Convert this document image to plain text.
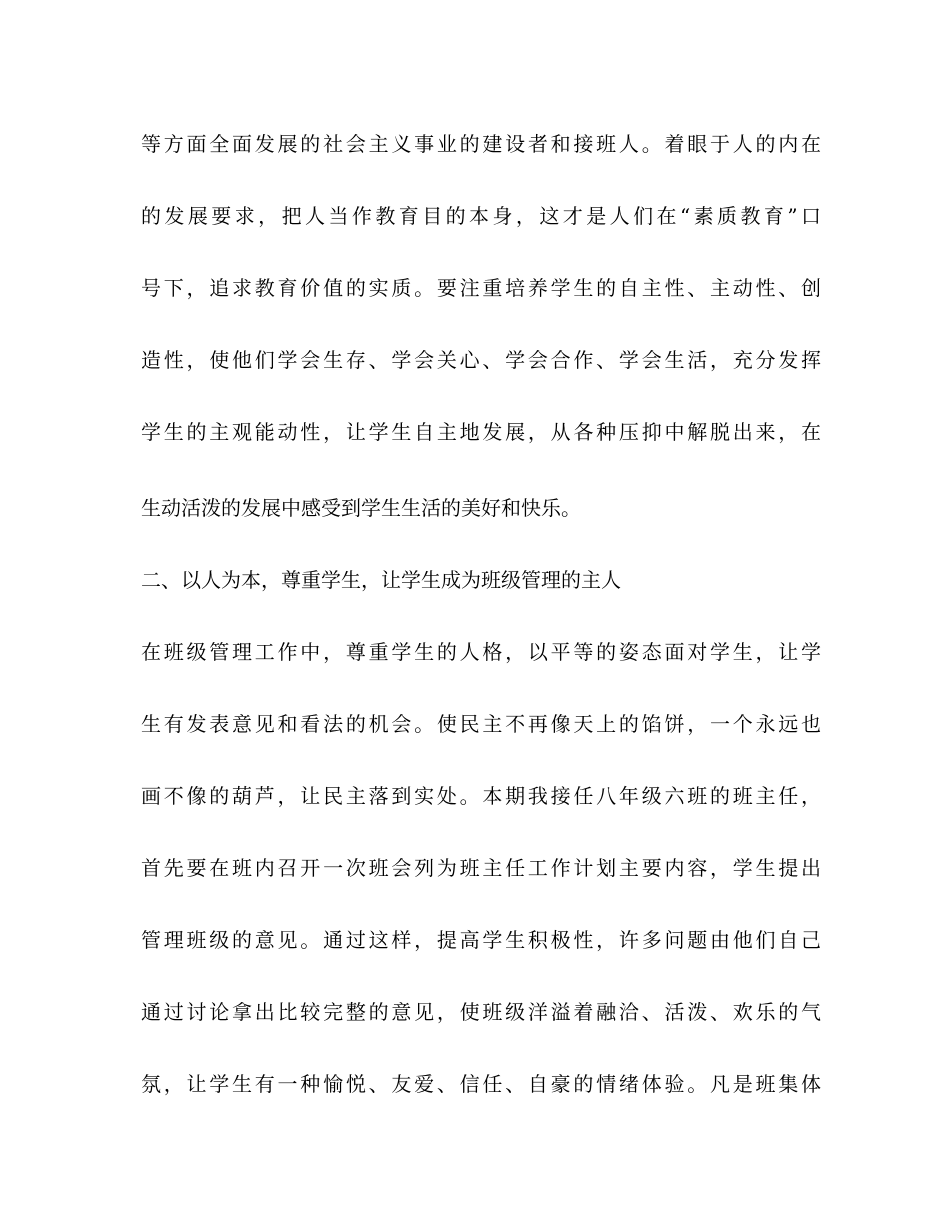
等方面全面发展的社会主义事业的建设者和接班人。着眼于人的内在

的发展要求，把人当作教育目的本身，这才是人们在“素质教育”口

号下，追求教育价值的实质。要注重培养学生的自主性、主动性、创

造性，使他们学会生存、学会关心、学会合作、学会生活，充分发挥

学生的主观能动性，让学生自主地发展，从各种压抑中解脱出来，在

生动活泼的发展中感受到学生生活的美好和快乐。

二、以人为本，尊重学生，让学生成为班级管理的主人

在班级管理工作中，尊重学生的人格，以平等的姿态面对学生，让学

生有发表意见和看法的机会。使民主不再像天上的馅饼，一个永远也

画不像的葫芦，让民主落到实处。本期我接任八年级六班的班主任，

首先要在班内召开一次班会列为班主任工作计划主要内容，学生提出

管理班级的意见。通过这样，提高学生积极性，许多问题由他们自己

通过讨论拿出比较完整的意见，使班级洋溢着融洽、活泼、欢乐的气

氛，让学生有一种愉悦、友爱、信任、自豪的情绪体验。凡是班集体
